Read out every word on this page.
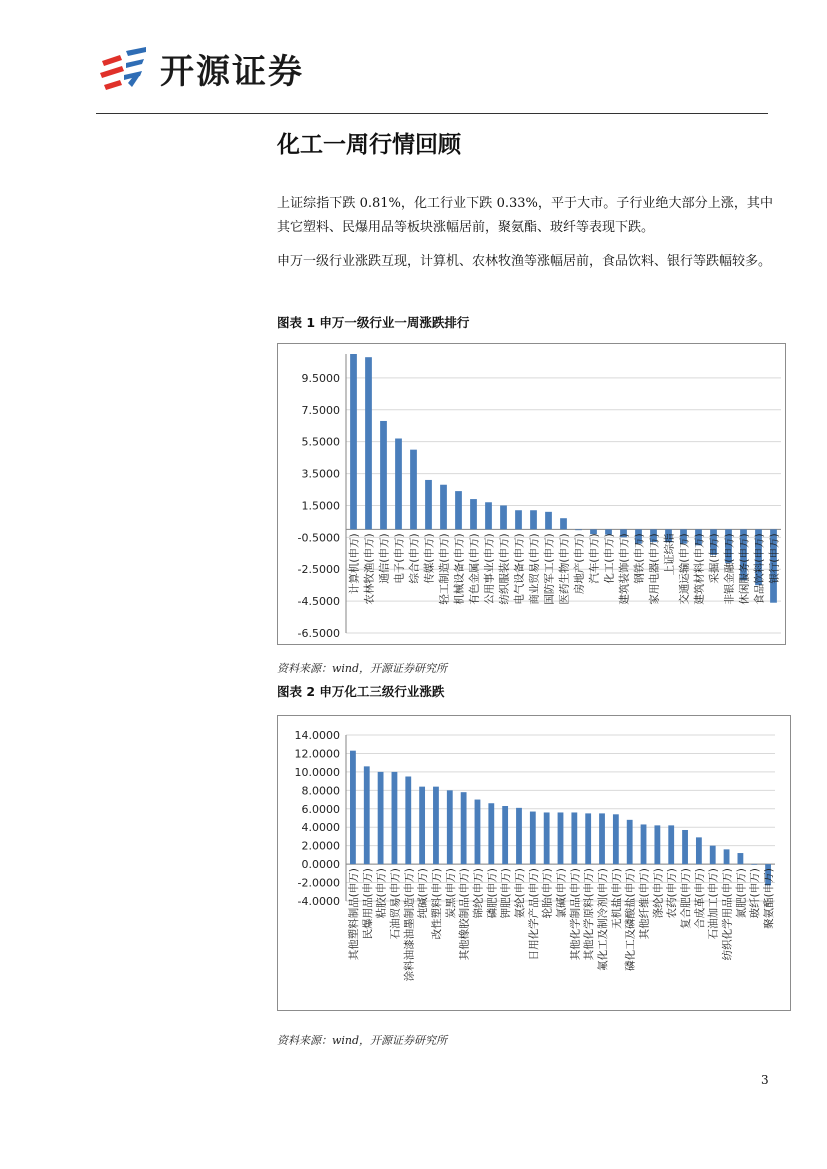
开源证券
化工一周行情回顾
上证综指下跌 0.81%，化工行业下跌 0.33%，平于大市。子行业绝大部分上涨，其中其它塑料、民爆用品等板块涨幅居前，聚氨酯、玻纤等表现下跌。
申万一级行业涨跌互现，计算机、农林牧渔等涨幅居前，食品饮料、银行等跌幅较多。
图表 1 申万一级行业一周涨跌排行
9.5000
7.5000
5.5000
3.5000
1.5000
-0.5000
-2.5000
-4.5000
-6.5000
计算机(申万) 农林牧渔(申万) 通信(申万) 电子(申万) 综合(申万) 传媒(申万) 轻工制造(申万) 机械设备(申万) 有色金属(申万) 公用事业(申万) 纺织服装(申万) 电气设备(申万) 商业贸易(申万) 国防军工(申万) 医药生物(申万) 房地产(申万) 汽车(申万) 化工(申万) 建筑装饰(申万) 钢铁(申万) 家用电器(申万) 上证综指 交通运输(申万) 建筑材料(申万) 采掘(申万) 非银金融(申万) 休闲服务(申万) 食品饮料(申万) 银行(申万)
资料来源：wind，开源证券研究所
图表 2 申万化工三级行业涨跌
14.0000
12.0000
10.0000
8.0000
6.0000
4.0000
2.0000
0.0000
-2.0000
-4.0000 其他塑料制品(申万) 民爆用品(申万) 粘胶(申万) 石油贸易(申万) 涂料油漆油墨制造(申万) 纯碱(申万) 改性塑料(申万) 炭黑(申万) 其他橡胶制品(申万) 锦纶(申万) 磷肥(申万) 钾肥(申万) 氨纶(申万) 日用化学产品(申万) 轮胎(申万) 氯碱(申万) 其他化学制品(申万) 其他化学原料(申万) 氟化工及制冷剂(申万) 无机盐(申万) 磷化工及磷酸盐(申万) 其他纤维(申万) 涤纶(申万) 农药(申万) 复合肥(申万) 合成革(申万) 石油加工(申万) 纺织化学用品(申万) 氮肥(申万) 玻纤(申万) 聚氨酯(申万)
资料来源：wind，开源证券研究所
3
